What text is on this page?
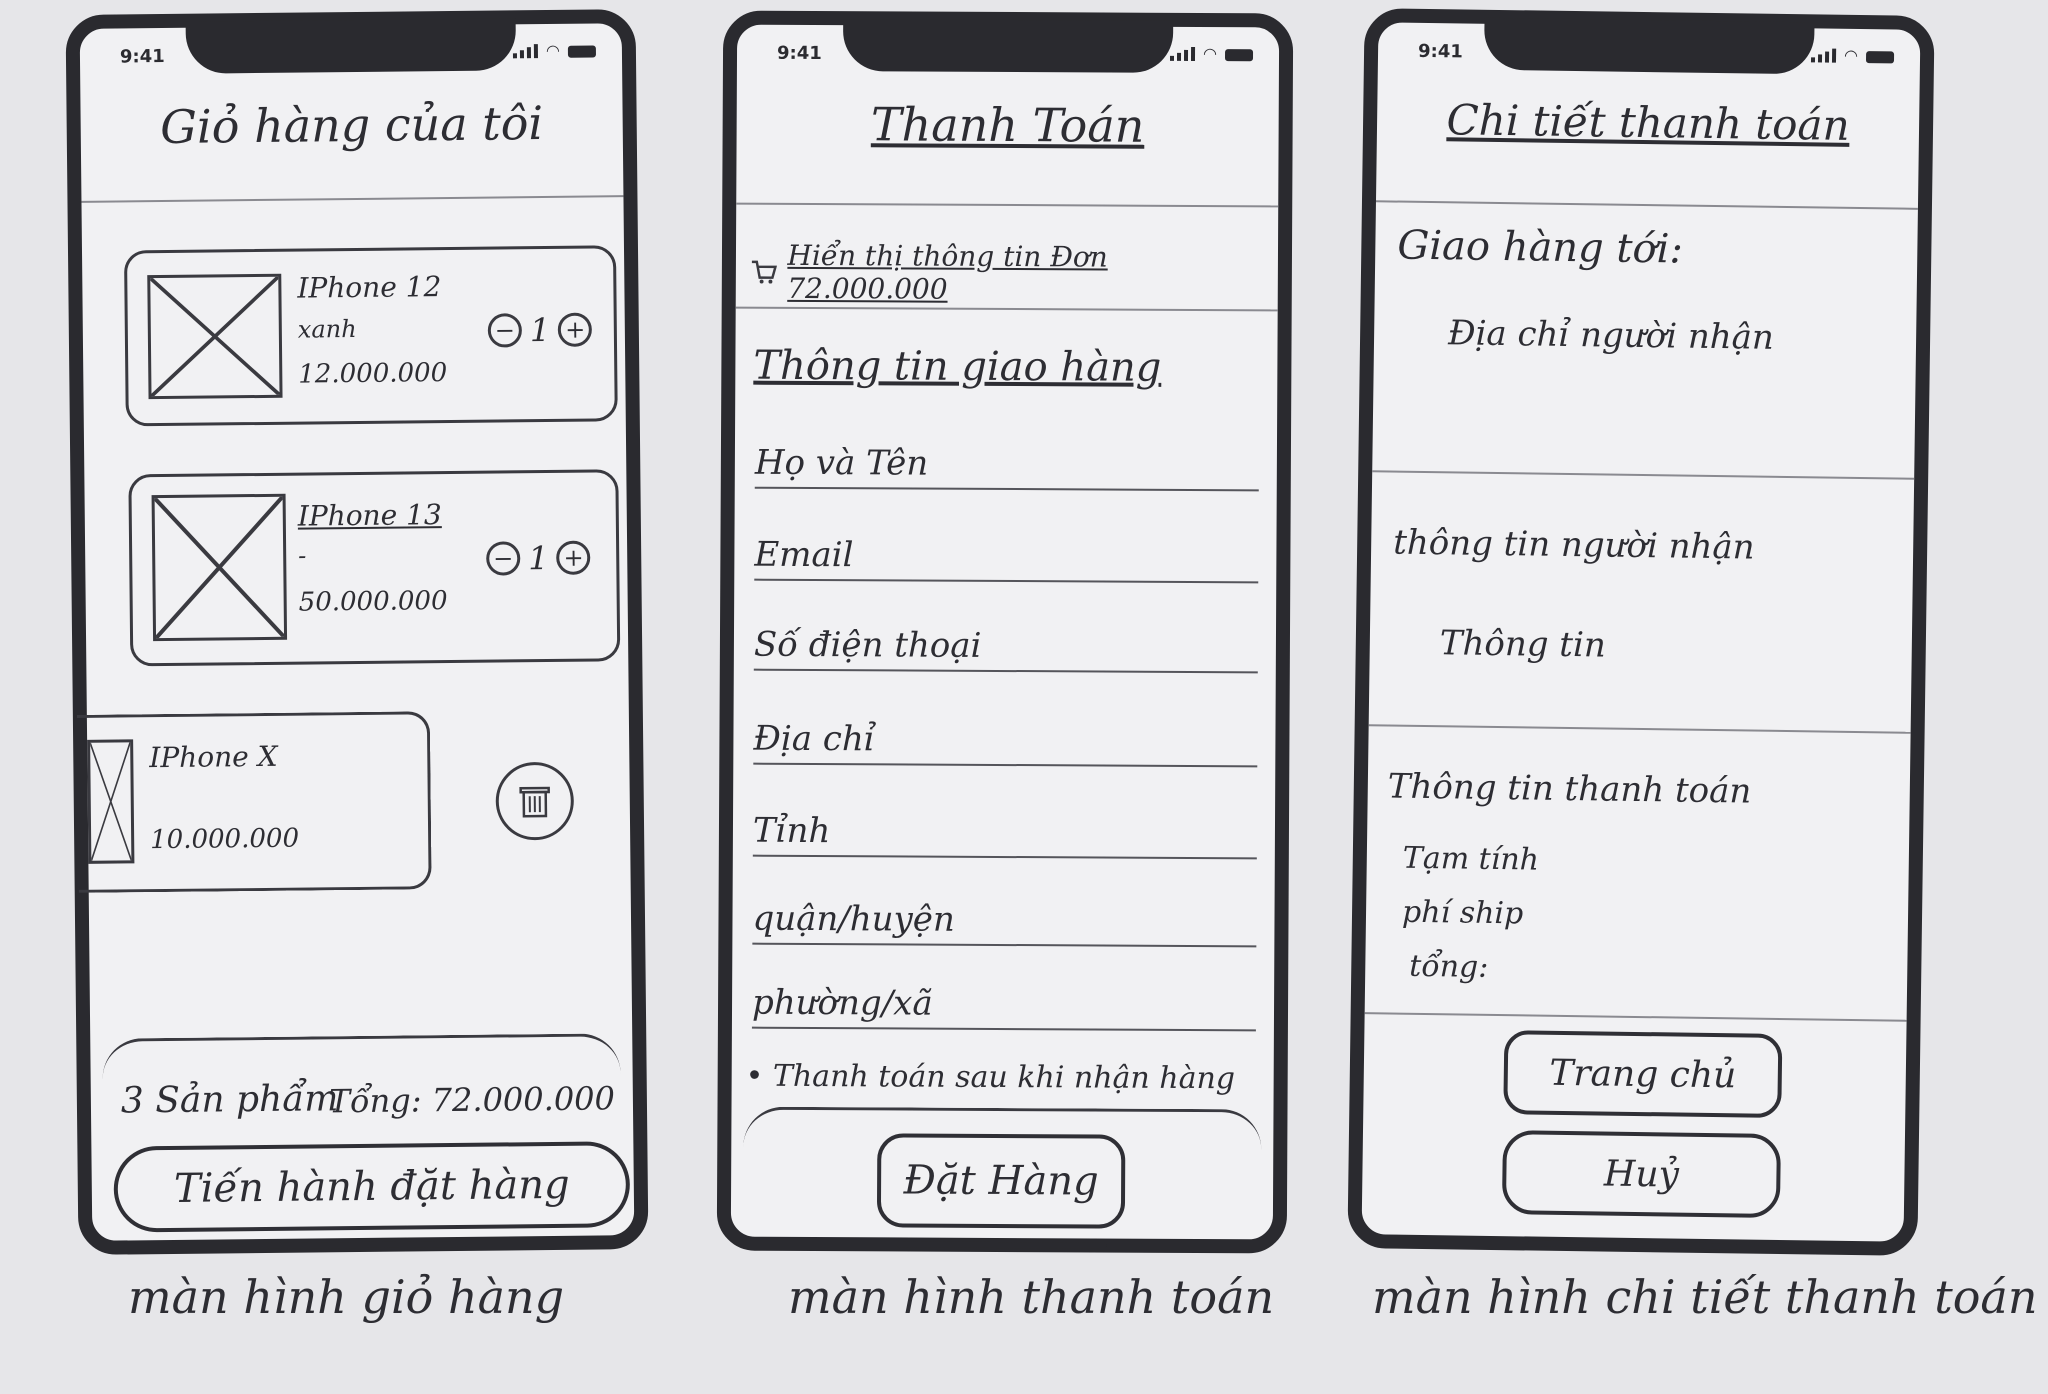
9:41	◠
Giỏ hàng của tôi
IPhone 12
xanh
12.000.000
− 1 +
IPhone 13
-
50.000.000
− 1 +
IPhone X
10.000.000
3 Sản phẩm
Tổng: 72.000.000
Tiến hành đặt hàng
9:41	◠
Thanh Toán
Hiển thị thông tin Đơn 72.000.000
Thông tin giao hàng
Họ và Tên
Email
Số điện thoại
Địa chỉ
Tỉnh
quận/huyện
phường/xã
• Thanh toán sau khi nhận hàng
Đặt Hàng
9:41	◠
Chi tiết thanh toán
Giao hàng tới:
Địa chỉ người nhận
thông tin người nhận
Thông tin
Thông tin thanh toán
Tạm tính
phí ship
tổng:
Trang chủ
Huỷ
màn hình giỏ hàng	màn hình thanh toán màn hình chi tiết thanh toán
